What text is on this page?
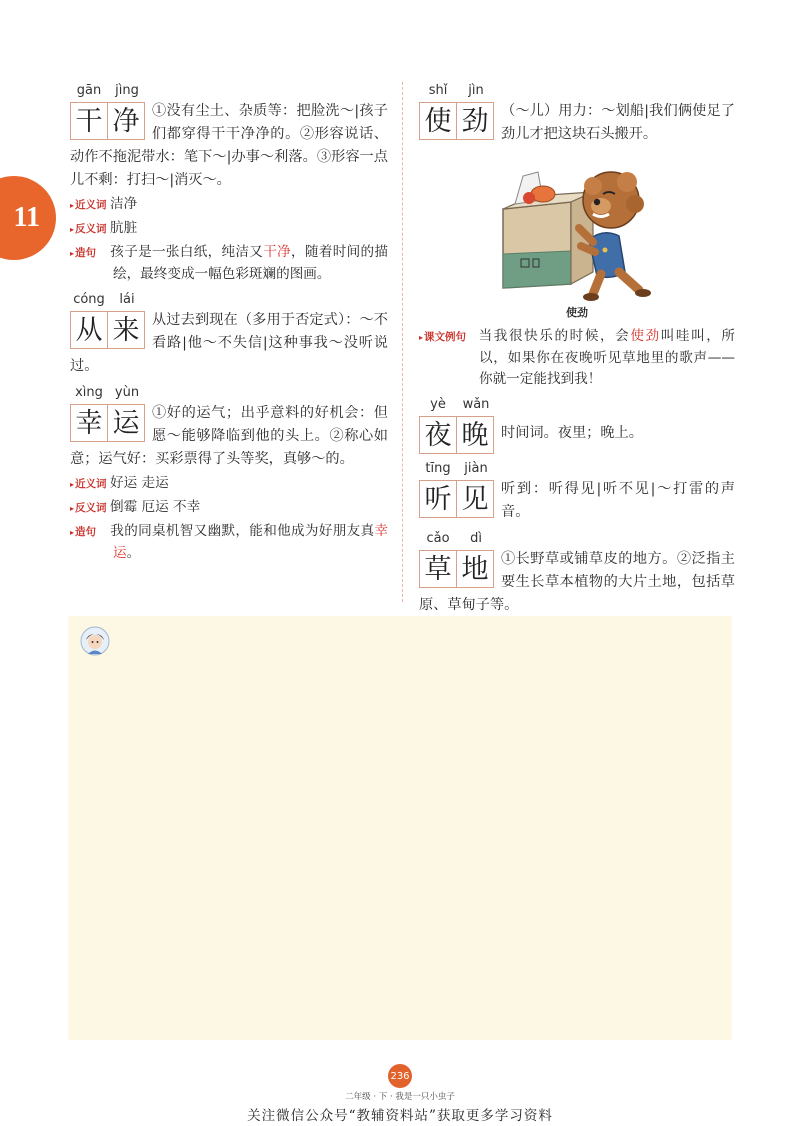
11
gān	jìng
干 净 ①没有尘土、杂质等：把脸洗～|孩子们都穿得干干净净的。②形容说话、动作不拖泥带水：笔下～|办事～利落。③形容一点儿不剩：打扫～|消灭～。

▸近义词 洁净

▸反义词 肮脏

▸造句 孩子是一张白纸，纯洁又干净，随着时间的描绘，最终变成一幅色彩斑斓的图画。

cóng	lái
从 来 从过去到现在（多用于否定式）：～不看路|他～不失信|这种事我～没听说过。

xìng yùn
幸 运 ①好的运气；出乎意料的好机会：但愿～能够降临到他的头上。②称心如意；运气好：买彩票得了头等奖，真够～的。

▸近义词 好运 走运

▸反义词 倒霉 厄运 不幸

▸造句 我的同桌机智又幽默，能和他成为好朋友真幸运。

shǐ	jìn
使 劲 （～儿）用力：～划船|我们俩使足了劲儿才把这块石头搬开。

使劲

▸课文例句 当我很快乐的时候，会使劲叫哇叫，所以，如果你在夜晚听见草地里的歌声——你就一定能找到我！

yè	wǎn
夜 晚 时间词。夜里；晚上。

tīng	jiàn
听 见 听到：听得见|听不见|～打雷的声音。

cǎo	dì
草 地 ①长野草或铺草皮的地方。②泛指主要生长草本植物的大片土地，包括草原、草甸子等。

236
二年级 · 下 · 我是一只小虫子
关注微信公众号“教辅资料站”获取更多学习资料
